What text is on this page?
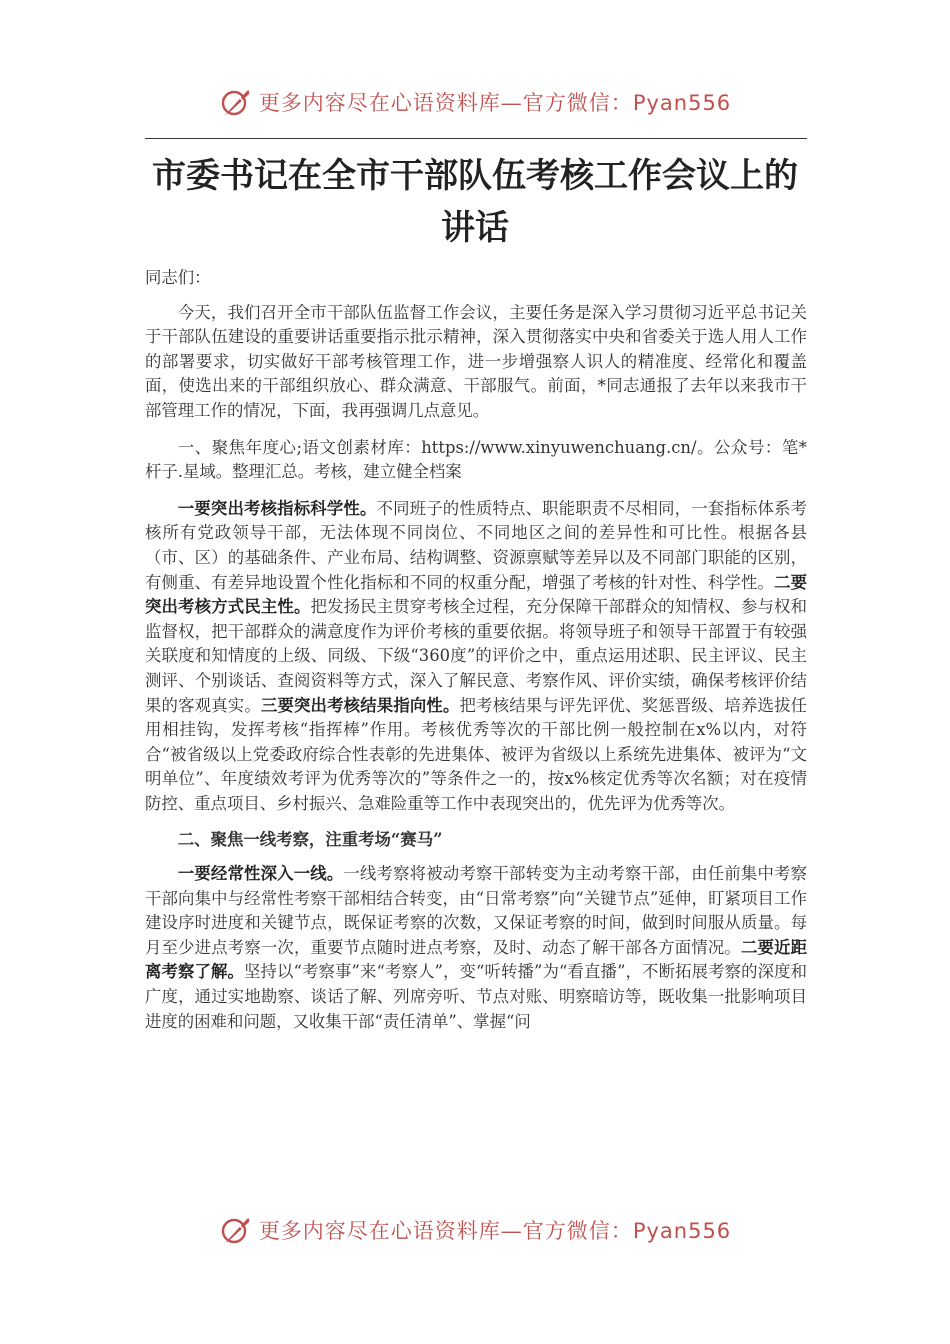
更多内容尽在心语资料库—官方微信：Pyan556
市委书记在全市干部队伍考核工作会议上的讲话

同志们：

今天，我们召开全市干部队伍监督工作会议，主要任务是深入学习贯彻习近平总书记关于干部队伍建设的重要讲话重要指示批示精神，深入贯彻落实中央和省委关于选人用人工作的部署要求，切实做好干部考核管理工作，进一步增强察人识人的精准度、经常化和覆盖面，使选出来的干部组织放心、群众满意、干部服气。前面，*同志通报了去年以来我市干部管理工作的情况，下面，我再强调几点意见。

一、聚焦年度心;语文创素材库：https://www.xinyuwenchuang.cn/。公众号：笔*杆子.星域。整理汇总。考核，建立健全档案

一要突出考核指标科学性。不同班子的性质特点、职能职责不尽相同，一套指标体系考核所有党政领导干部，无法体现不同岗位、不同地区之间的差异性和可比性。根据各县（市、区）的基础条件、产业布局、结构调整、资源禀赋等差异以及不同部门职能的区别，有侧重、有差异地设置个性化指标和不同的权重分配，增强了考核的针对性、科学性。二要突出考核方式民主性。把发扬民主贯穿考核全过程，充分保障干部群众的知情权、参与权和监督权，把干部群众的满意度作为评价考核的重要依据。将领导班子和领导干部置于有较强关联度和知情度的上级、同级、下级“360度”的评价之中，重点运用述职、民主评议、民主测评、个别谈话、查阅资料等方式，深入了解民意、考察作风、评价实绩，确保考核评价结果的客观真实。三要突出考核结果指向性。把考核结果与评先评优、奖惩晋级、培养选拔任用相挂钩，发挥考核“指挥棒”作用。考核优秀等次的干部比例一般控制在x%以内，对符合“被省级以上党委政府综合性表彰的先进集体、被评为省级以上系统先进集体、被评为“文明单位”、年度绩效考评为优秀等次的”等条件之一的，按x%核定优秀等次名额；对在疫情防控、重点项目、乡村振兴、急难险重等工作中表现突出的，优先评为优秀等次。

二、聚焦一线考察，注重考场“赛马”

一要经常性深入一线。一线考察将被动考察干部转变为主动考察干部，由任前集中考察干部向集中与经常性考察干部相结合转变，由“日常考察”向“关键节点”延伸，盯紧项目工作建设序时进度和关键节点，既保证考察的次数，又保证考察的时间，做到时间服从质量。每月至少进点考察一次，重要节点随时进点考察，及时、动态了解干部各方面情况。二要近距离考察了解。坚持以“考察事”来“考察人”，变“听转播”为“看直播”，不断拓展考察的深度和广度，通过实地勘察、谈话了解、列席旁听、节点对账、明察暗访等，既收集一批影响项目进度的困难和问题，又收集干部“责任清单”、掌握“问

更多内容尽在心语资料库—官方微信：Pyan556
